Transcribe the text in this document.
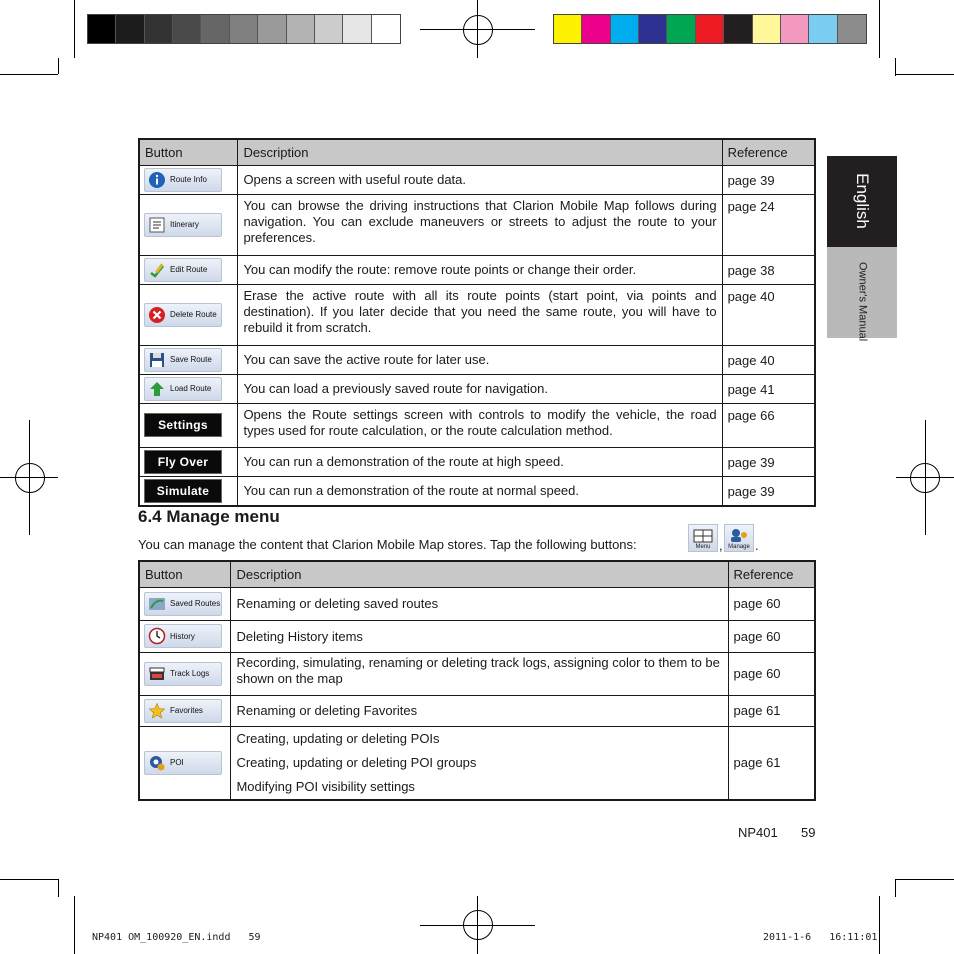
English
Owner's Manual
Button	Description	Reference

Route Info	Opens a screen with useful route data.	page 39

Itinerary	You can browse the driving instructions that Clarion Mobile Map follows during navigation. You can exclude maneuvers or streets to adjust the route to your preferences.	page 24

Edit Route	You can modify the route: remove route points or change their order.	page 38

Delete Route	Erase the active route with all its route points (start point, via points and destination). If you later decide that you need the same route, you will have to rebuild it from scratch.	page 40

Save Route	You can save the active route for later use.	page 40

Load Route	You can load a previously saved route for navigation.	page 41

Settings	Opens the Route settings screen with controls to modify the vehicle, the road types used for route calculation, or the route calculation method.	page 66

Fly Over	You can run a demonstration of the route at high speed.	page 39

Simulate	You can run a demonstration of the route at normal speed.	page 39
6.4 Manage menu
You can manage the content that Clarion Mobile Map stores. Tap the following buttons:	Menu , Manage .
Button	Description	Reference

Saved Routes	Renaming or deleting saved routes	page 60

History	Deleting History items	page 60

Track Logs	Recording, simulating, renaming or deleting track logs, assigning color to them to be shown on the map	page 60

Favorites	Renaming or deleting Favorites	page 61

POI	Creating, updating or deleting POIs
Creating, updating or deleting POI groups
Modifying POI visibility settings	page 61
NP401 59
NP401 OM_100920_EN.indd   59	2011-1-6   16:11:01
